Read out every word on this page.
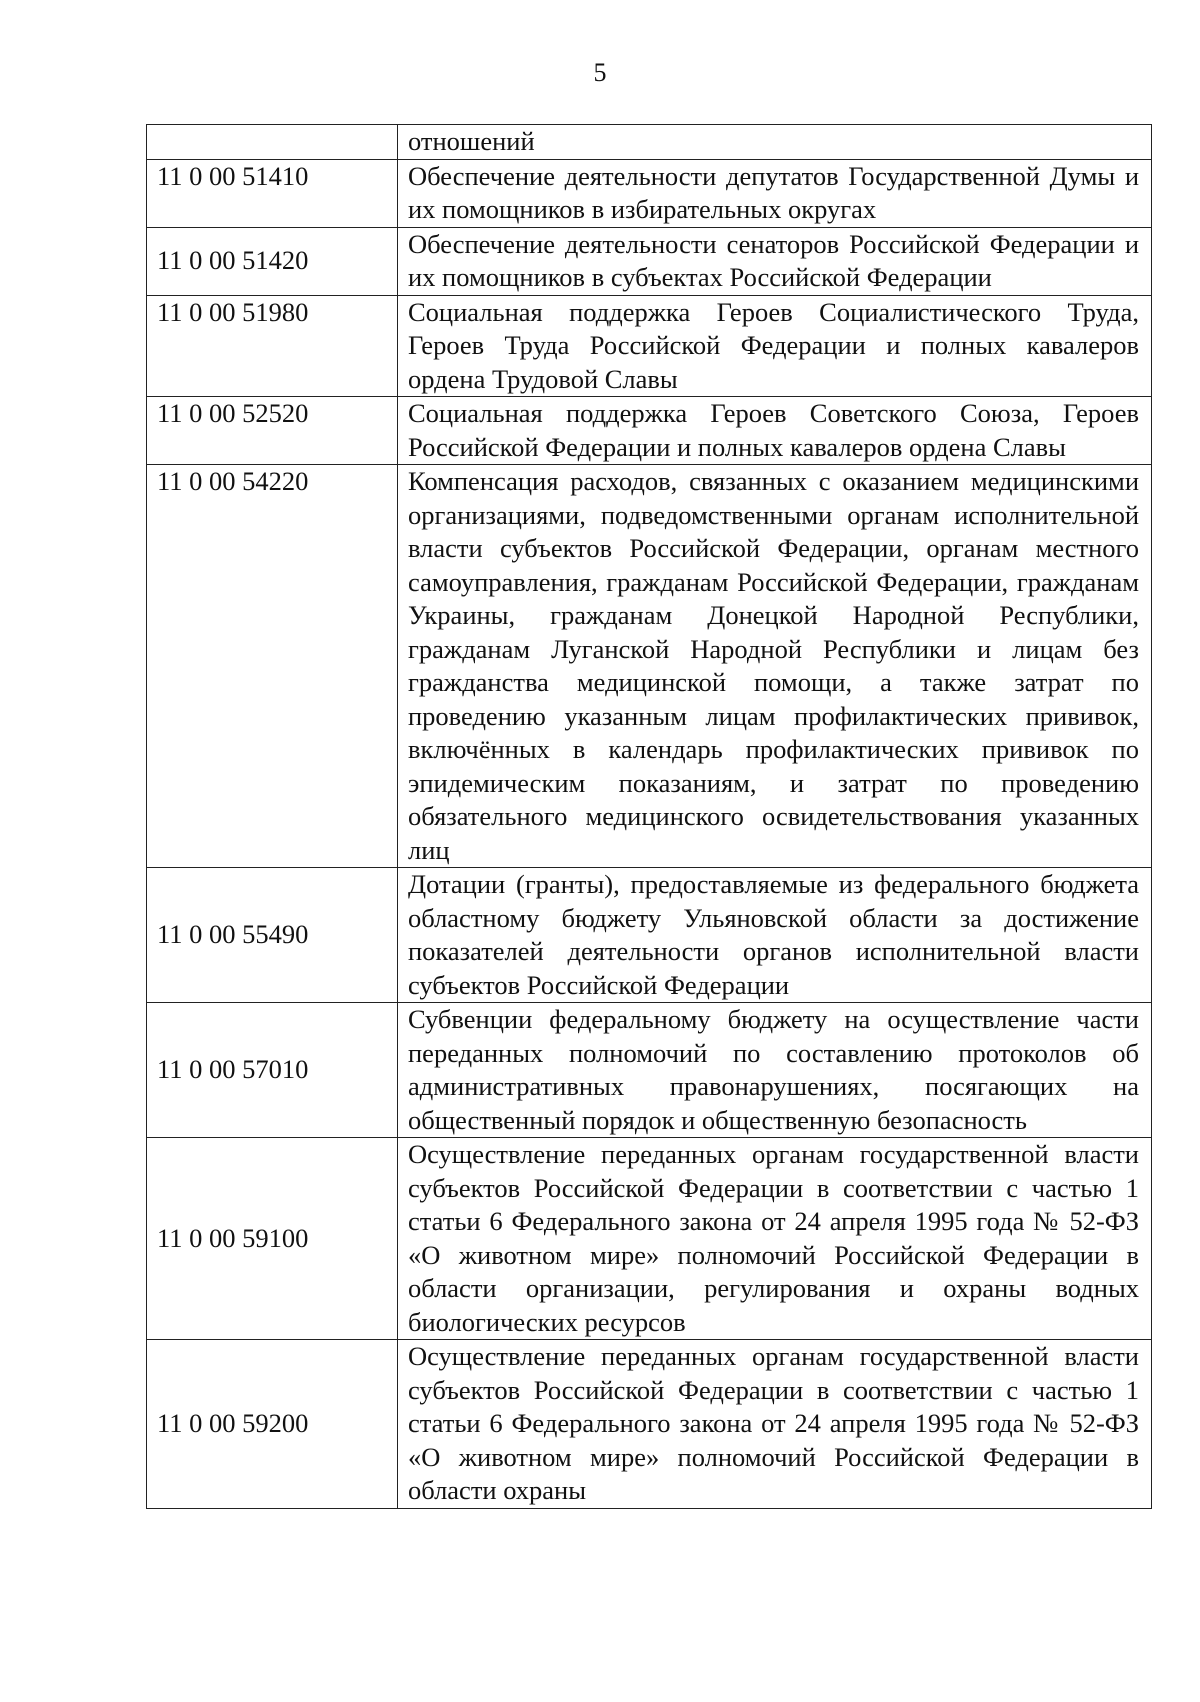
5
	отношений
11 0 00 51410	Обеспечение деятельности депутатов Государственной Думы и их помощников в избирательных округах
11 0 00 51420	Обеспечение деятельности сенаторов Российской Федерации и их помощников в субъектах Российской Федерации
11 0 00 51980	Социальная поддержка Героев Социалистического Труда, Героев Труда Российской Федерации и полных кавалеров ордена Трудовой Славы
11 0 00 52520	Социальная поддержка Героев Советского Союза, Героев Российской Федерации и полных кавалеров ордена Славы
11 0 00 54220	Компенсация расходов, связанных с оказанием медицинскими организациями, подведомственными органам исполнительной власти субъектов Российской Федерации, органам местного самоуправления, гражданам Российской Федерации, гражданам Украины, гражданам Донецкой Народной Республики, гражданам Луганской Народной Республики и лицам без гражданства медицинской помощи, а также затрат по проведению указанным лицам профилактических прививок, включённых в календарь профилактических прививок по эпидемическим показаниям, и затрат по проведению обязательного медицинского освидетельствования указанных лиц
11 0 00 55490	Дотации (гранты), предоставляемые из федерального бюджета областному бюджету Ульяновской области за достижение показателей деятельности органов исполнительной власти субъектов Российской Федерации
11 0 00 57010	Субвенции федеральному бюджету на осуществление части переданных полномочий по составлению протоколов об административных правонарушениях, посягающих на общественный порядок и общественную безопасность
11 0 00 59100	Осуществление переданных органам государственной власти субъектов Российской Федерации в соответствии с частью 1 статьи 6 Федерального закона от 24 апреля 1995 года № 52-ФЗ «О животном мире» полномочий Российской Федерации в области организации, регулирования и охраны водных биологических ресурсов
11 0 00 59200	Осуществление переданных органам государственной власти субъектов Российской Федерации в соответствии с частью 1 статьи 6 Федерального закона от 24 апреля 1995 года № 52-ФЗ «О животном мире» полномочий Российской Федерации в области охраны
